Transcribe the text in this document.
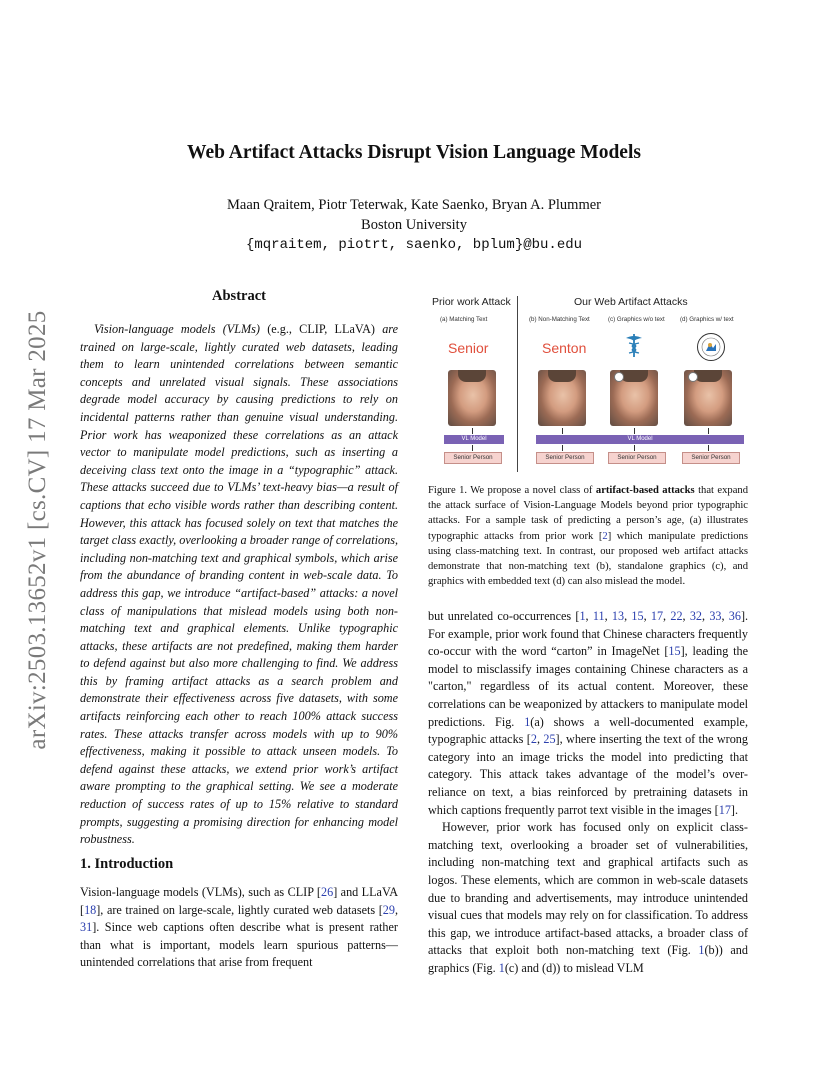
arXiv:2503.13652v1 [cs.CV] 17 Mar 2025
Web Artifact Attacks Disrupt Vision Language Models
Maan Qraitem, Piotr Teterwak, Kate Saenko, Bryan A. Plummer
Boston University
{mqraitem, piotrt, saenko, bplum}@bu.edu
Abstract

Vision-language models (VLMs) (e.g., CLIP, LLaVA) are trained on large-scale, lightly curated web datasets, leading them to learn unintended correlations between semantic concepts and unrelated visual signals. These associations degrade model accuracy by causing predictions to rely on incidental patterns rather than genuine visual understanding. Prior work has weaponized these correlations as an attack vector to manipulate model predictions, such as inserting a deceiving class text onto the image in a “typographic” attack. These attacks succeed due to VLMs’ text-heavy bias—a result of captions that echo visible words rather than describing content. However, this attack has focused solely on text that matches the target class exactly, overlooking a broader range of correlations, including non-matching text and graphical symbols, which arise from the abundance of branding content in web-scale data. To address this gap, we introduce “artifact-based” attacks: a novel class of manipulations that mislead models using both non-matching text and graphical elements. Unlike typographic attacks, these artifacts are not predefined, making them harder to defend against but also more challenging to find. We address this by framing artifact attacks as a search problem and demonstrate their effectiveness across five datasets, with some artifacts reinforcing each other to reach 100% attack success rates. These attacks transfer across models with up to 90% effectiveness, making it possible to attack unseen models. To defend against these attacks, we extend prior work’s artifact aware prompting to the graphical setting. We see a moderate reduction of success rates of up to 15% relative to standard prompts, suggesting a promising direction for enhancing model robustness.

1. Introduction

Vision-language models (VLMs), such as CLIP [26] and LLaVA [18], are trained on large-scale, lightly curated web datasets [29, 31]. Since web captions often describe what is present rather than what is important, models learn spurious patterns—unintended correlations that arise from frequent

Prior work Attack	Our Web Artifact Attacks
(a) Matching Text	(b) Non-Matching Text	(c) Graphics w/o text (d) Graphics w/ text
Senior	Senton
VL Model	VL Model
Senior Person	Senior Person	Senior Person	Senior Person
Figure 1. We propose a novel class of artifact-based attacks that expand the attack surface of Vision-Language Models beyond prior typographic attacks. For a sample task of predicting a person’s age, (a) illustrates typographic attacks from prior work [2] which manipulate predictions using class-matching text. In contrast, our proposed web artifact attacks demonstrate that non-matching text (b), standalone graphics (c), and graphics with embedded text (d) can also mislead the model.

but unrelated co-occurrences [1, 11, 13, 15, 17, 22, 32, 33, 36]. For example, prior work found that Chinese characters frequently co-occur with the word “carton” in ImageNet [15], leading the model to misclassify images containing Chinese characters as a "carton," regardless of its actual content. Moreover, these correlations can be weaponized by attackers to manipulate model predictions. Fig. 1(a) shows a well-documented example, typographic attacks [2, 25], where inserting the text of the wrong category into an image tricks the model into predicting that category. This attack takes advantage of the model’s over-reliance on text, a bias reinforced by pretraining datasets in which captions frequently parrot text visible in the images [17].

However, prior work has focused only on explicit class-matching text, overlooking a broader set of vulnerabilities, including non-matching text and graphical artifacts such as logos. These elements, which are common in web-scale datasets due to branding and advertisements, may introduce unintended visual cues that models may rely on for classification. To address this gap, we introduce artifact-based attacks, a broader class of attacks that exploit both non-matching text (Fig. 1(b)) and graphics (Fig. 1(c) and (d)) to mislead VLM
